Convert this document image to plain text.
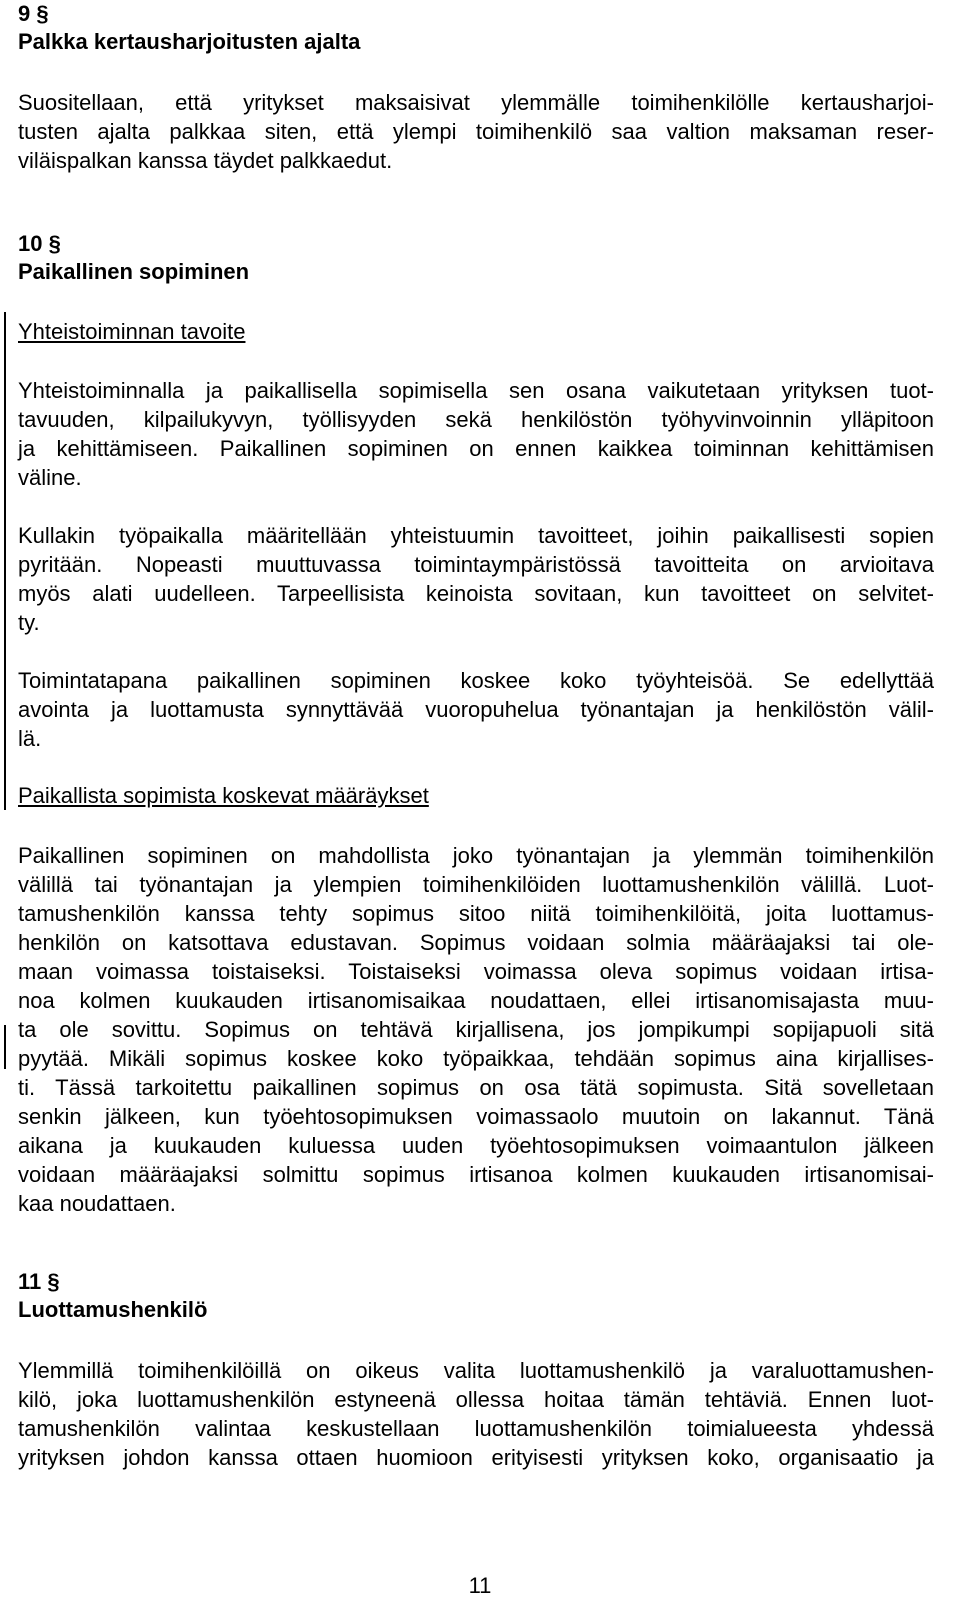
9 §

Palkka kertausharjoitusten ajalta

Suositellaan, että yritykset maksaisivat ylemmälle toimihenkilölle kertausharjoi-
tusten ajalta palkkaa siten, että ylempi toimihenkilö saa valtion maksaman reser-
viläispalkan kanssa täydet palkkaedut.

10 §

Paikallinen sopiminen

Yhteistoiminnan tavoite

Yhteistoiminnalla ja paikallisella sopimisella sen osana vaikutetaan yrityksen tuot-
tavuuden, kilpailukyvyn, työllisyyden sekä henkilöstön työhyvinvoinnin ylläpitoon
ja kehittämiseen. Paikallinen sopiminen on ennen kaikkea toiminnan kehittämisen
väline.
Kullakin työpaikalla määritellään yhteistuumin tavoitteet, joihin paikallisesti sopien
pyritään. Nopeasti muuttuvassa toimintaympäristössä tavoitteita on arvioitava
myös alati uudelleen. Tarpeellisista keinoista sovitaan, kun tavoitteet on selvitet-
ty.
Toimintatapana paikallinen sopiminen koskee koko työyhteisöä. Se edellyttää
avointa ja luottamusta synnyttävää vuoropuhelua työnantajan ja henkilöstön välil-
lä.

Paikallista sopimista koskevat määräykset

Paikallinen sopiminen on mahdollista joko työnantajan ja ylemmän toimihenkilön
välillä tai työnantajan ja ylempien toimihenkilöiden luottamushenkilön välillä. Luot-
tamushenkilön kanssa tehty sopimus sitoo niitä toimihenkilöitä, joita luottamus-
henkilön on katsottava edustavan. Sopimus voidaan solmia määräajaksi tai ole-
maan voimassa toistaiseksi. Toistaiseksi voimassa oleva sopimus voidaan irtisa-
noa kolmen kuukauden irtisanomisaikaa noudattaen, ellei irtisanomisajasta muu-
ta ole sovittu. Sopimus on tehtävä kirjallisena, jos jompikumpi sopijapuoli sitä
pyytää. Mikäli sopimus koskee koko työpaikkaa, tehdään sopimus aina kirjallises-
ti. Tässä tarkoitettu paikallinen sopimus on osa tätä sopimusta. Sitä sovelletaan
senkin jälkeen, kun työehtosopimuksen voimassaolo muutoin on lakannut. Tänä
aikana ja kuukauden kuluessa uuden työehtosopimuksen voimaantulon jälkeen
voidaan määräajaksi solmittu sopimus irtisanoa kolmen kuukauden irtisanomisai-
kaa noudattaen.

11 §

Luottamushenkilö

Ylemmillä toimihenkilöillä on oikeus valita luottamushenkilö ja varaluottamushen-
kilö, joka luottamushenkilön estyneenä ollessa hoitaa tämän tehtäviä. Ennen luot-
tamushenkilön valintaa keskustellaan luottamushenkilön toimialueesta yhdessä
yrityksen johdon kanssa ottaen huomioon erityisesti yrityksen koko, organisaatio ja
11
